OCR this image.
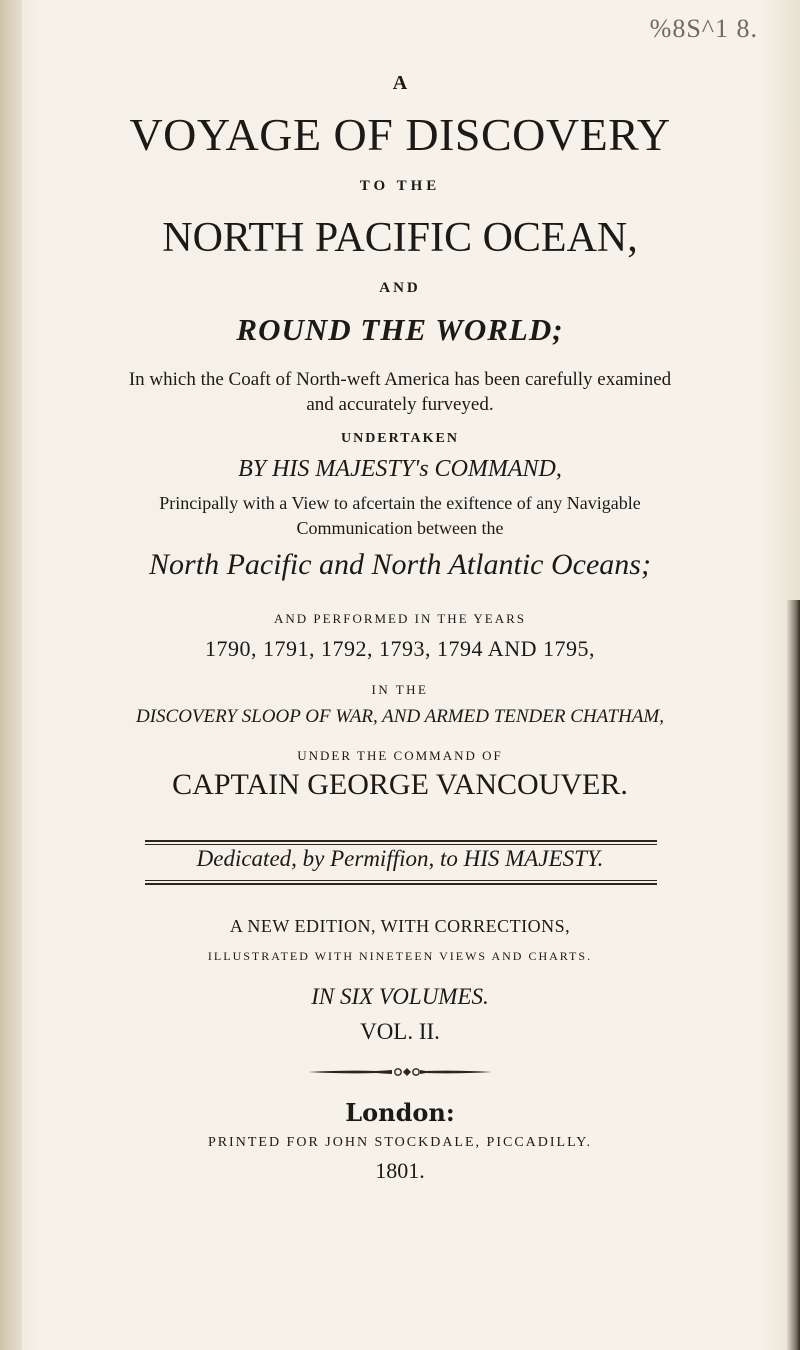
%8S^1 8.
A
VOYAGE OF DISCOVERY
TO THE
NORTH PACIFIC OCEAN,
AND
ROUND THE WORLD;
In which the Coaft of North-weft America has been carefully examined
and accurately furveyed.
UNDERTAKEN
BY HIS MAJESTY's COMMAND,
Principally with a View to afcertain the exiftence of any Navigable
Communication between the
North Pacific and North Atlantic Oceans;
AND PERFORMED IN THE YEARS
1790, 1791, 1792, 1793, 1794 AND 1795,
IN THE
DISCOVERY SLOOP OF WAR, AND ARMED TENDER CHATHAM,
UNDER THE COMMAND OF
CAPTAIN GEORGE VANCOUVER.
Dedicated, by Permiffion, to HIS MAJESTY.
A NEW EDITION, WITH CORRECTIONS,
ILLUSTRATED WITH NINETEEN VIEWS AND CHARTS.
IN SIX VOLUMES.
VOL. II.
London:
PRINTED FOR JOHN STOCKDALE, PICCADILLY.
1801.
